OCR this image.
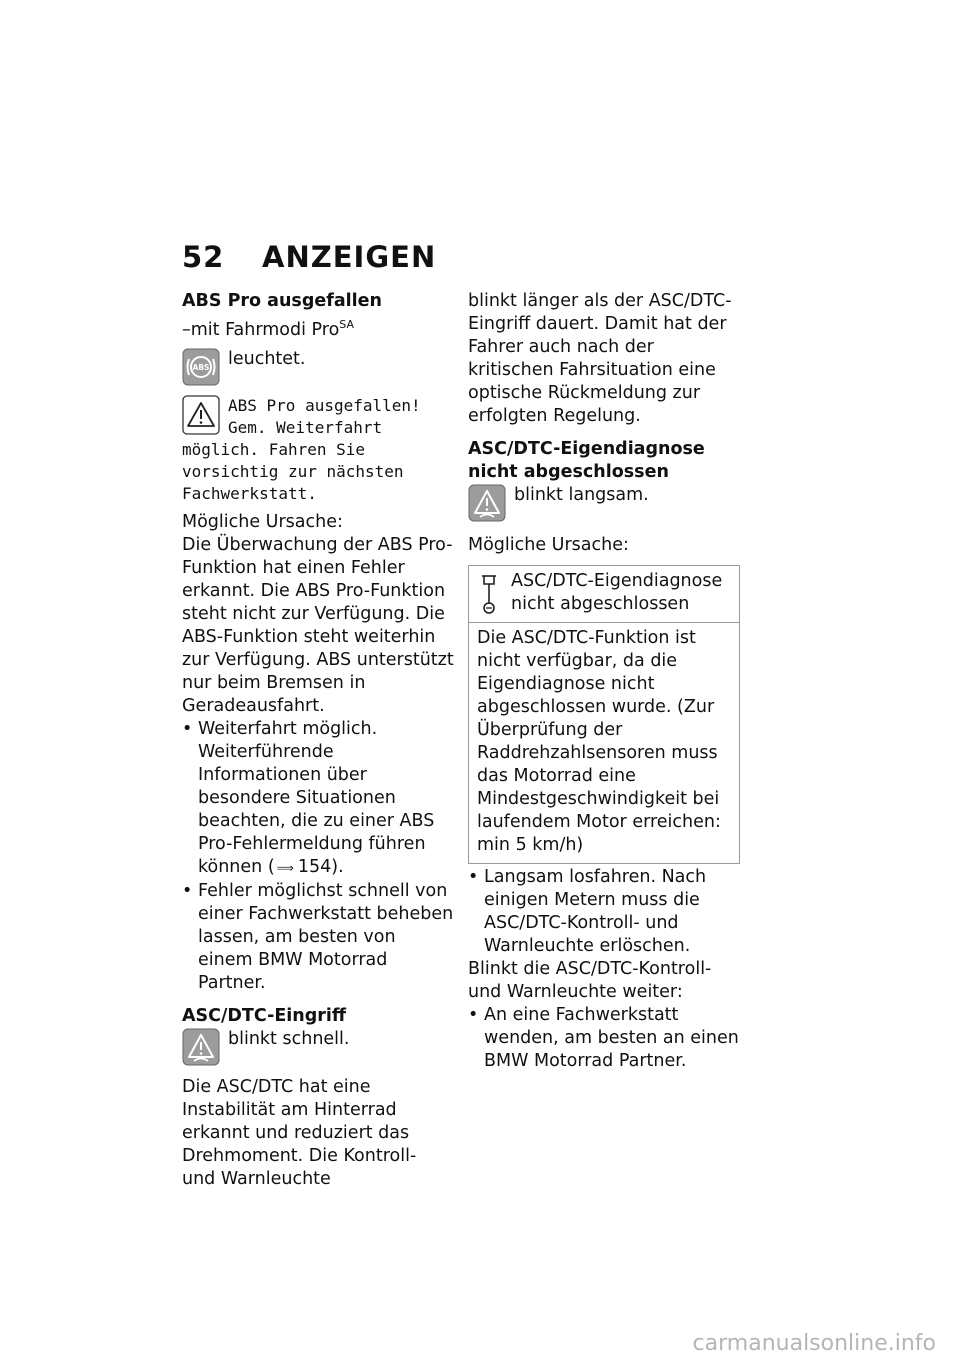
52 ANZEIGEN

ABS Pro ausgefallen

–mit Fahrmodi Pro$^{SA}$

ABS leuchtet.
ABS Pro ausgefallen!
Gem. Weiterfahrt
möglich. Fahren Sie vorsichtig zur nächsten Fachwerkstatt.

Mögliche Ursache:

Die Überwachung der ABS Pro-Funktion hat einen Fehler erkannt. Die ABS Pro-Funktion steht nicht zur Verfügung. Die ABS-Funktion steht weiterhin zur Verfügung. ABS unterstützt nur beim Bremsen in Geradeausfahrt.

• Weiterfahrt möglich. Weiterführende Informationen über besondere Situationen beachten, die zu einer ABS Pro-Fehlermeldung führen können ( ⟹ 154).
• Fehler möglichst schnell von einer Fachwerkstatt beheben lassen, am besten von einem BMW Motorrad Partner.

ASC/DTC-Eingriff

blinkt schnell.

Die ASC/DTC hat eine Instabilität am Hinterrad erkannt und reduziert das Drehmoment. Die Kontroll- und Warnleuchte

blinkt länger als der ASC/DTC-Eingriff dauert. Damit hat der Fahrer auch nach der kritischen Fahrsituation eine optische Rückmeldung zur erfolgten Regelung.

ASC/DTC-Eigendiagnose nicht abgeschlossen

blinkt langsam.

Mögliche Ursache:

ASC/DTC-Eigendiagnose nicht abgeschlossen
Die ASC/DTC-Funktion ist nicht verfügbar, da die Eigendiagnose nicht abgeschlossen wurde. (Zur Überprüfung der Raddrehzahlsensoren muss das Motorrad eine Mindestgeschwindigkeit bei laufendem Motor erreichen: min 5 km/h)
• Langsam losfahren. Nach einigen Metern muss die ASC/DTC-Kontroll- und Warnleuchte erlöschen.

Blinkt die ASC/DTC-Kontroll- und Warnleuchte weiter:

• An eine Fachwerkstatt wenden, am besten an einen BMW Motorrad Partner.
carmanualsonline.info
